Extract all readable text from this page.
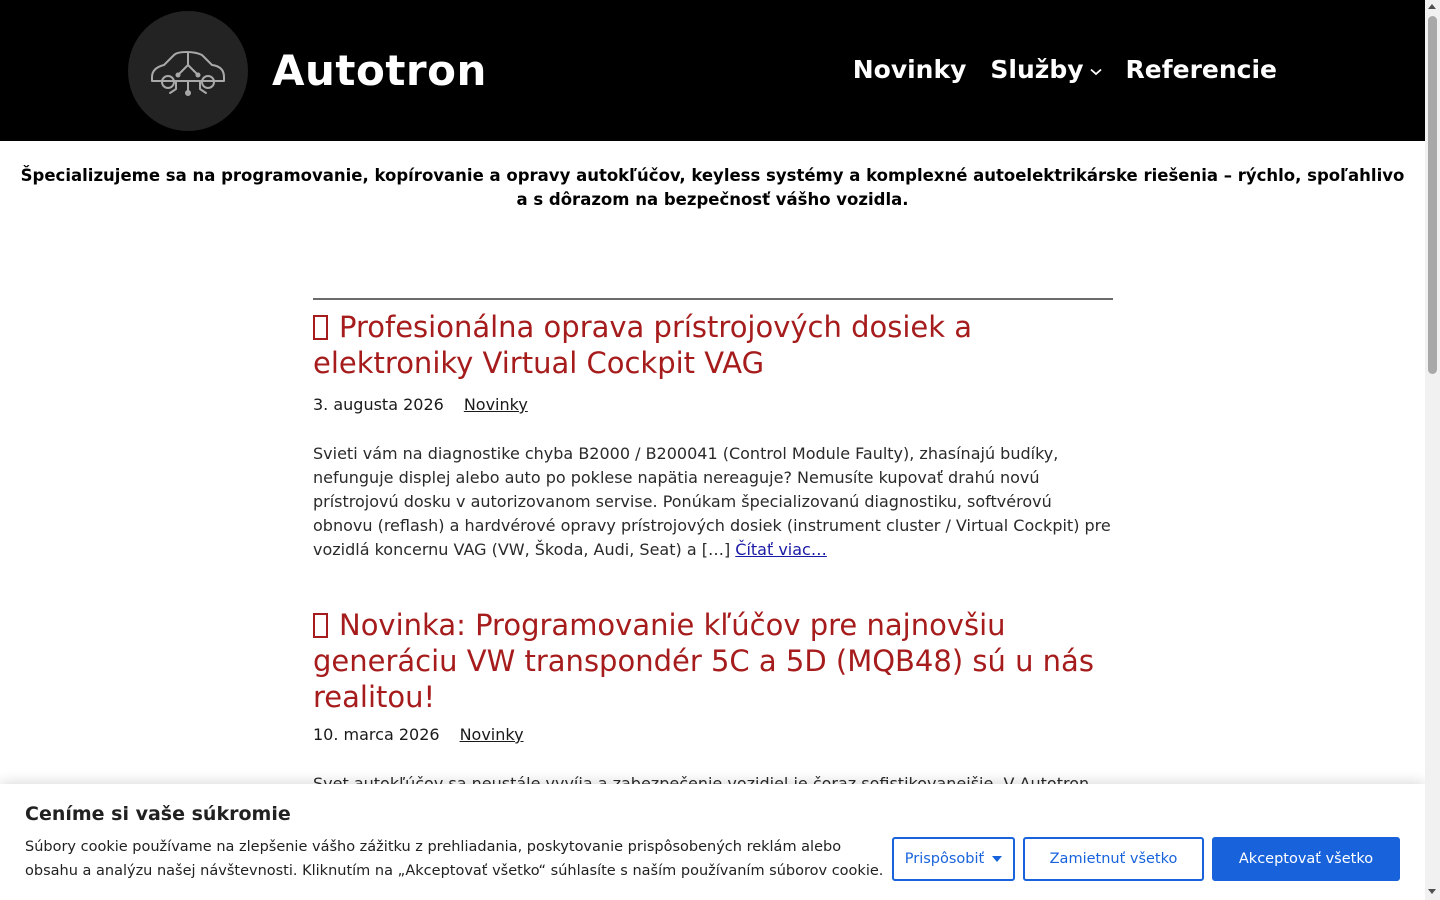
Autotron	Novinky Služby Referencie

Špecializujeme sa na programovanie, kopírovanie a opravy autokľúčov, keyless systémy a komplexné autoelektrikárske riešenia – rýchlo, spoľahlivo a s dôrazom na bezpečnosť vášho vozidla.

Profesionálna oprava prístrojových dosiek a elektroniky Virtual Cockpit VAG
3. augusta 2026 Novinky

Svieti vám na diagnostike chyba B2000 / B200041 (Control Module Faulty), zhasínajú budíky, nefunguje displej alebo auto po poklese napätia nereaguje? Nemusíte kupovať drahú novú prístrojovú dosku v autorizovanom servise. Ponúkam špecializovanú diagnostiku, softvérovú obnovu (reflash) a hardvérové opravy prístrojových dosiek (instrument cluster / Virtual Cockpit) pre vozidlá koncernu VAG (VW, Škoda, Audi, Seat) a […] Čítať viac…

Novinka: Programovanie kľúčov pre najnovšiu generáciu VW transpondér 5C a 5D (MQB48) sú u nás realitou!
10. marca 2026 Novinky

Ceníme si vaše súkromie

Súbory cookie používame na zlepšenie vášho zážitku z prehliadania, poskytovanie prispôsobených reklám alebo obsahu a analýzu našej návštevnosti. Kliknutím na „Akceptovať všetko“ súhlasíte s naším používaním súborov cookie.

Prispôsobiť	Zamietnuť všetko	Akceptovať všetko
